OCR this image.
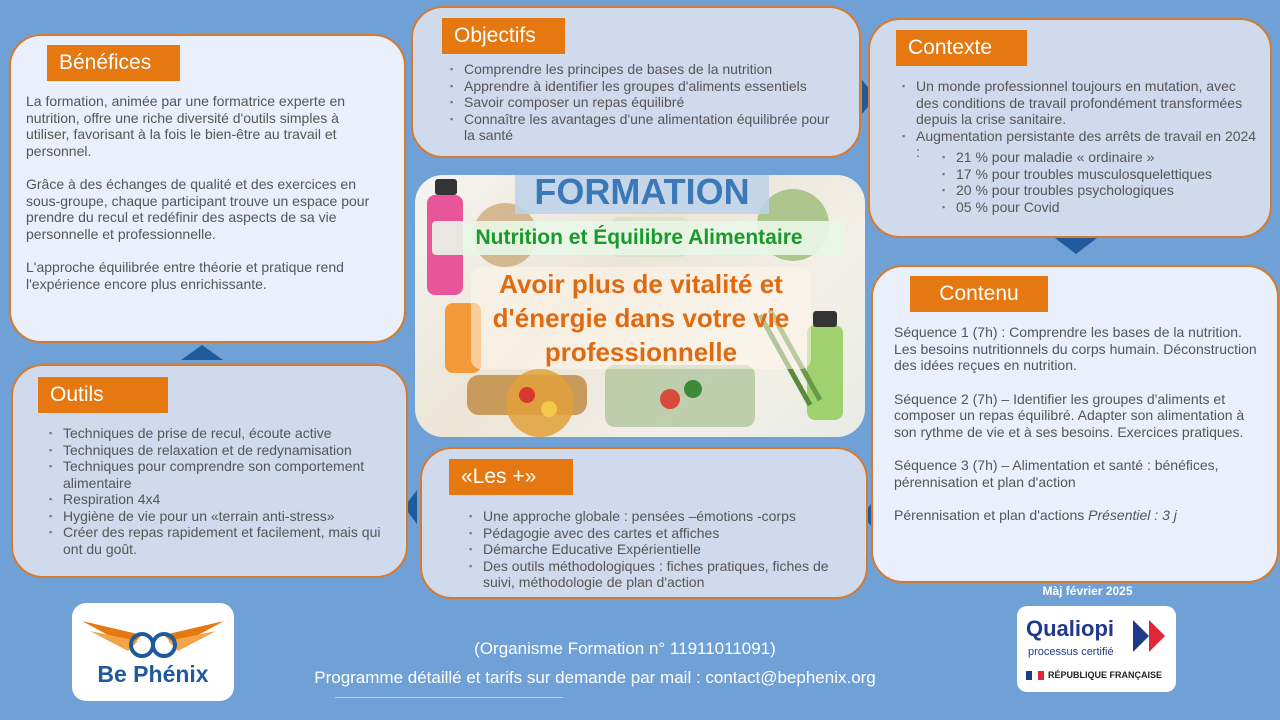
Bénéfices

La formation, animée par une formatrice experte en nutrition, offre une riche diversité d'outils simples à utiliser, favorisant à la fois le bien-être au travail et personnel.

Grâce à des échanges de qualité et des exercices en sous-groupe, chaque participant trouve un espace pour prendre du recul et redéfinir des aspects de sa vie personnelle et professionnelle.

L'approche équilibrée entre théorie et pratique rend l'expérience encore plus enrichissante.

Objectifs
▪ Comprendre les principes de bases de la nutrition
▪ Apprendre à identifier les groupes d'aliments essentiels
▪ Savoir composer un repas équilibré
▪ Connaître les avantages d'une alimentation équilibrée pour la santé
Contexte
▪ Un monde professionnel toujours en mutation, avec des conditions de travail profondément transformées depuis la crise sanitaire.
▪ Augmentation persistante des arrêts de travail en 2024 :
▪	21 % pour maladie « ordinaire »
▪ 17 % pour troubles musculosquelettiques
▪ 20 % pour troubles psychologiques
▪ 05 % pour Covid
Contenu

Séquence 1 (7h) : Comprendre les bases de la nutrition. Les besoins nutritionnels du corps humain. Déconstruction des idées reçues en nutrition.

Séquence 2 (7h) – Identifier les groupes d'aliments et composer un repas équilibré. Adapter son alimentation à son rythme de vie et à ses besoins. Exercices pratiques.

Séquence 3 (7h) – Alimentation et santé : bénéfices, pérennisation et plan d'action

Pérennisation et plan d'actions Présentiel : 3 j

Outils
▪ Techniques de prise de recul, écoute active
▪ Techniques de relaxation et de redynamisation
▪ Techniques pour comprendre son comportement alimentaire
▪ Respiration 4x4
▪ Hygiène de vie pour un «terrain anti-stress»
▪ Créer des repas rapidement et facilement, mais qui ont du goût.
«Les +»
▪ Une approche globale : pensées –émotions -corps
▪ Pédagogie avec des cartes et affiches
▪ Démarche Educative Expérientielle
▪ Des outils méthodologiques : fiches pratiques, fiches de suivi, méthodologie de plan d'action
FORMATION
Nutrition et Équilibre Alimentaire
Avoir plus de vitalité et d'énergie dans votre vie professionnelle
Be Phénix
(Organisme Formation n° 11911011091)
Programme détaillé et tarifs sur demande par mail : contact@bephenix.org
Màj février 2025
Qualiopi
processus certifié
RÉPUBLIQUE FRANÇAISE
